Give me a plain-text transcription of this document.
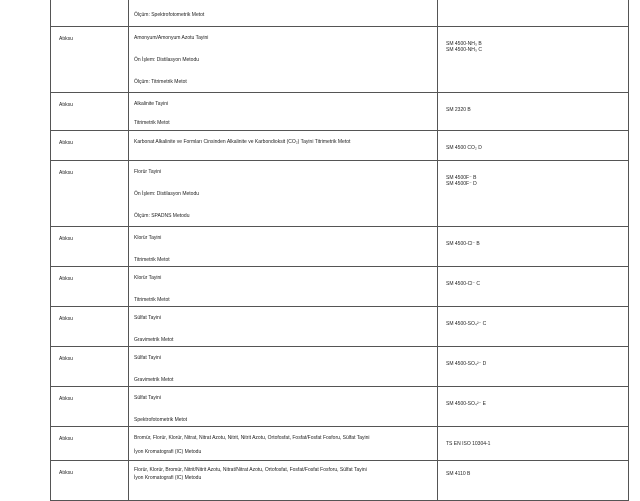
	Ölçüm: Spektrofotometrik Metot	

Atıksu	Amonyum/Amonyum Azotu Tayini
Ön İşlem: Distilasyon Metodu
Ölçüm: Titrimetrik Metot	SM 4500-NH₃ B
SM 4500-NH₃ C

Atıksu	Alkalinite Tayini
Titrimetrik Metot	SM 2320 B

Atıksu	Karbonat Alkalinite ve Formları Cinsinden Alkalinite ve Karbondioksit (CO₂) Tayini Titrimetrik Metot	SM 4500 CO₂ D

Atıksu	Florür Tayini
Ön İşlem: Distilasyon Metodu
Ölçüm: SPADNS Metodu	SM 4500F⁻ B
SM 4500F⁻ D

Atıksu	Klorür Tayini
Titrimetrik Metot	SM 4500-Cl⁻ B

Atıksu	Klorür Tayini
Titrimetrik Metot	SM 4500-Cl⁻ C

Atıksu	Sülfat Tayini
Gravimetrik Metot	SM 4500-SO₄²⁻ C

Atıksu	Sülfat Tayini
Gravimetrik Metot	SM 4500-SO₄²⁻ D

Atıksu	Sülfat Tayini
Spektrofotometrik Metot	SM 4500-SO₄²⁻ E

Atıksu	Bromür, Florür, Klorür, Nitrat, Nitrat Azotu, Nitrit, Nitrit Azotu, Ortofosfat, Fosfat/Fosfat Fosforu, Sülfat Tayini
İyon Kromatografi (IC) Metodu	TS EN ISO 10304-1

Atıksu	Florür, Klorür, Bromür, Nitrit/Nitrit Azotu, Nitrat/Nitrat Azotu, Ortofosfat, Fosfat/Fosfat Fosforu, Sülfat Tayini
İyon Kromatografi (IC) Metodu	SM 4110 B
